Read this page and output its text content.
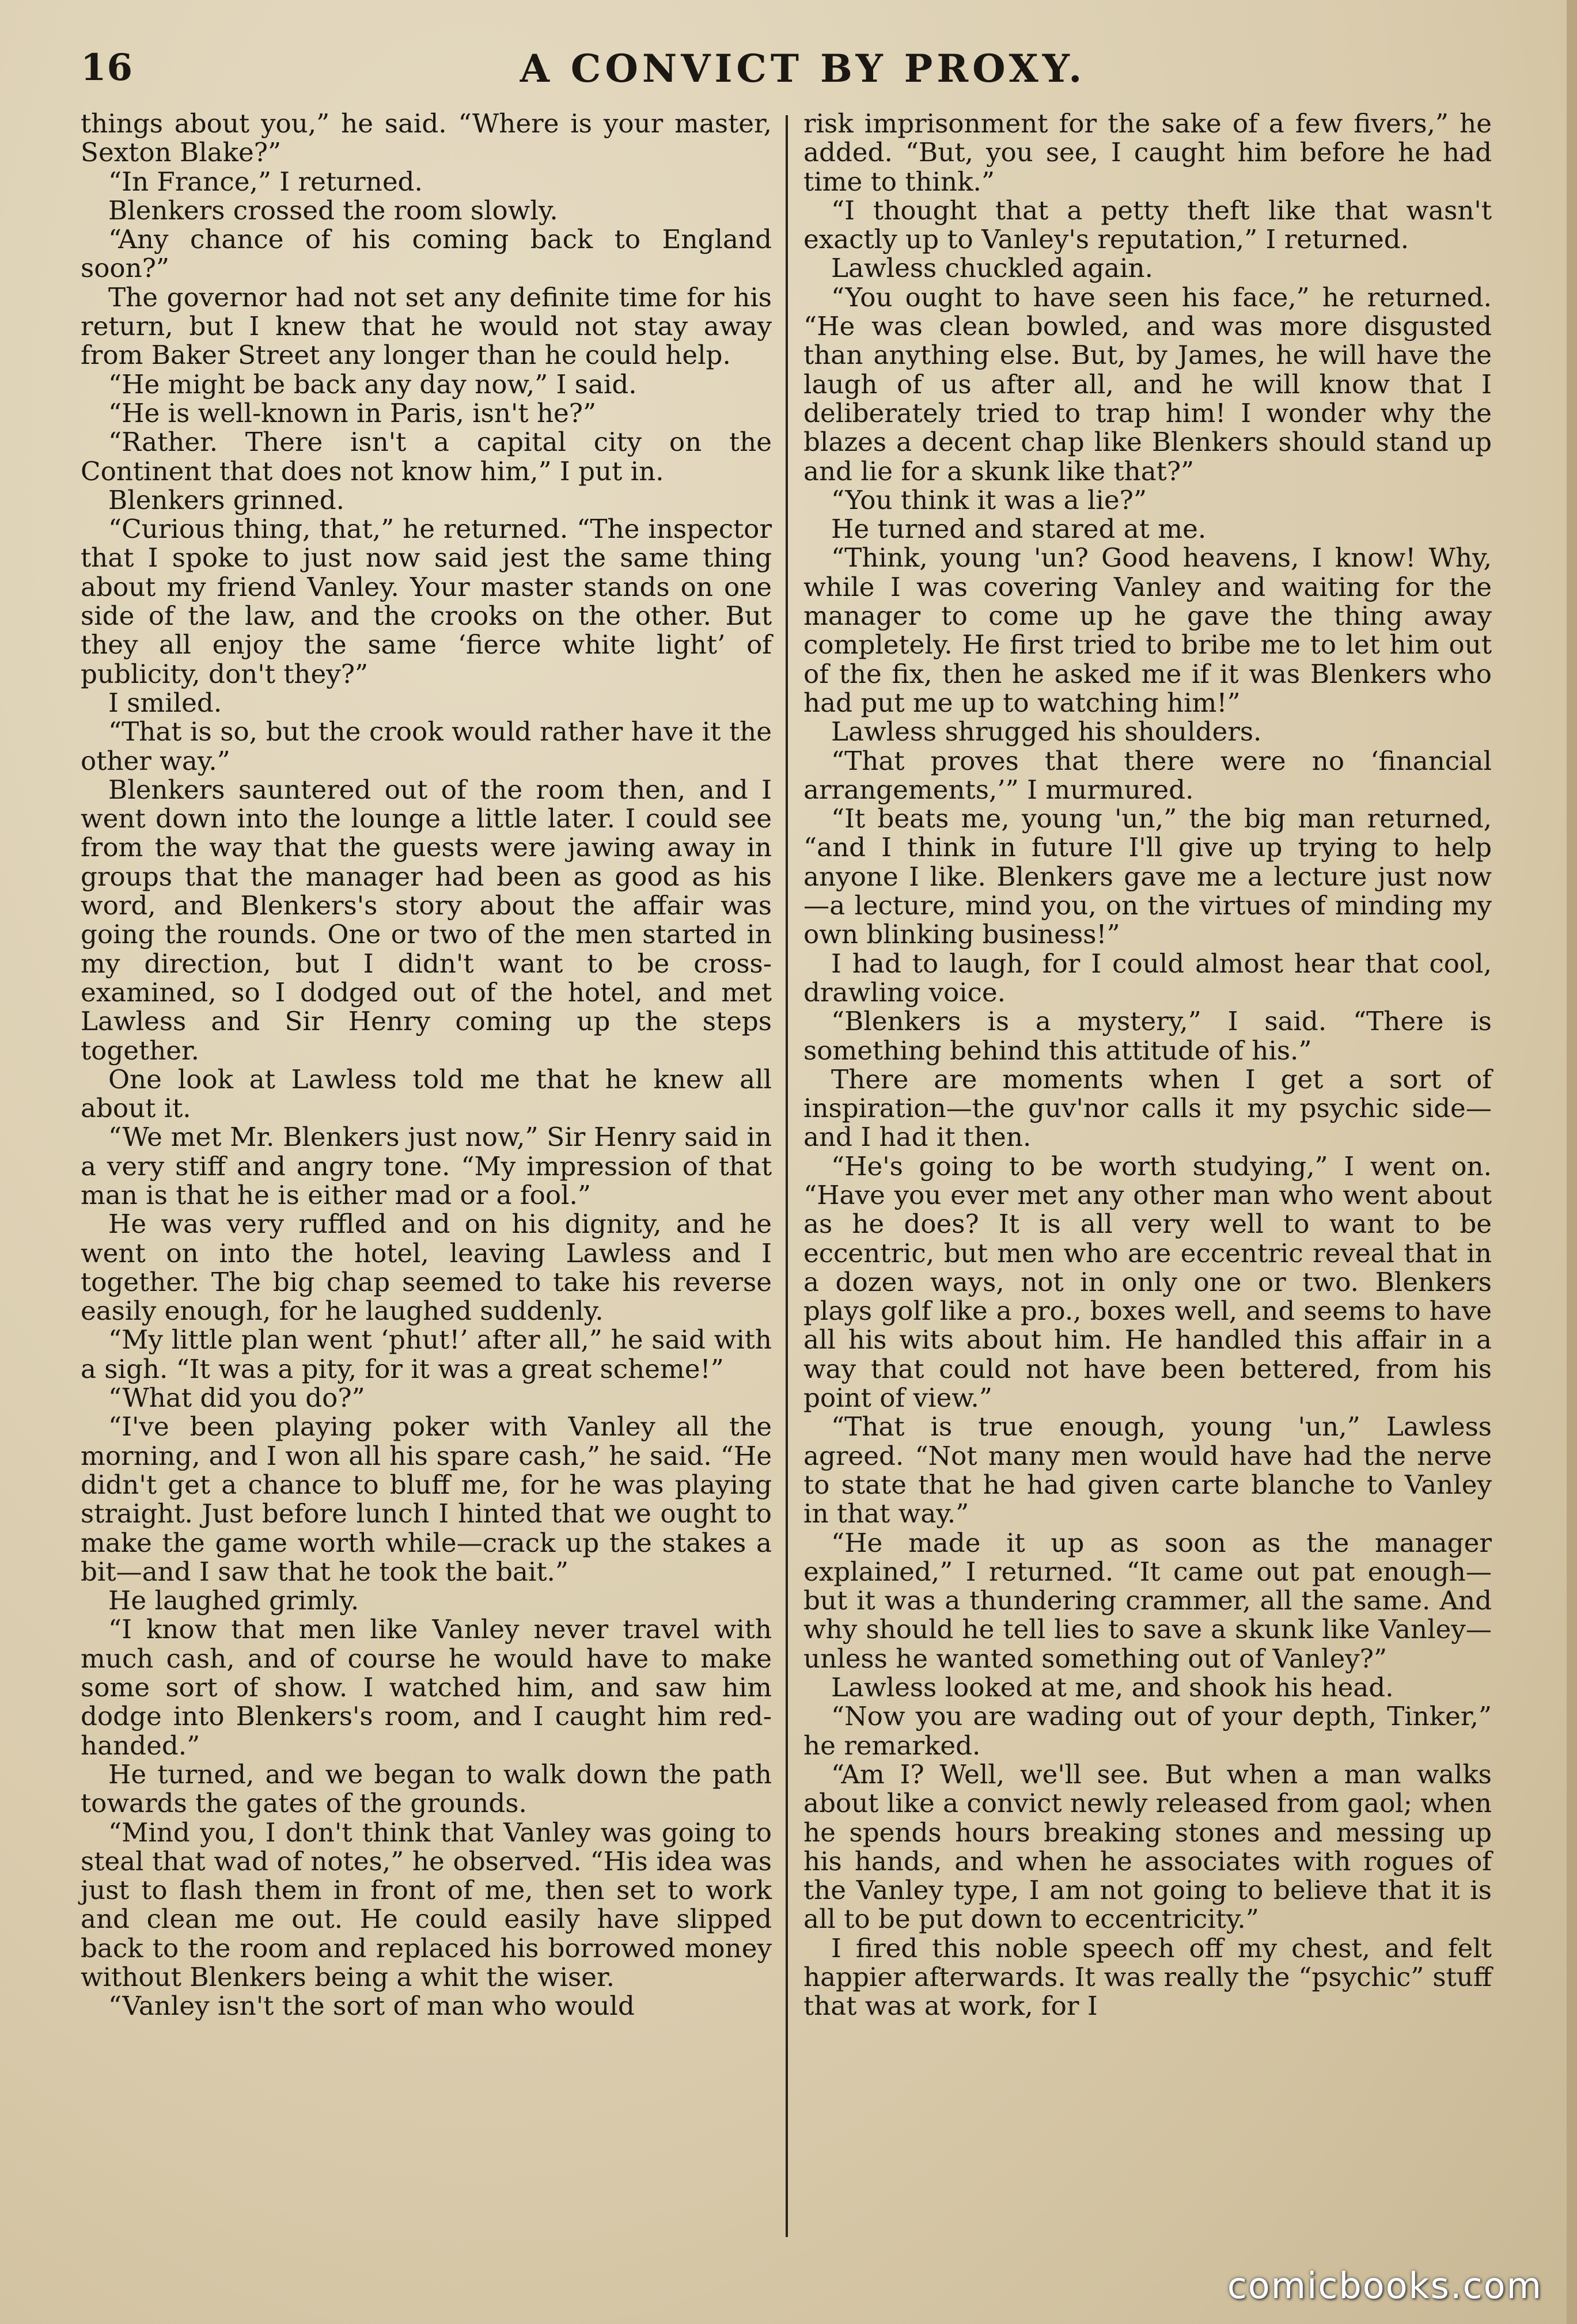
16	A CONVICT BY PROXY.

things about you,” he said. “Where is your master, Sexton Blake?”

“In France,” I returned.

Blenkers crossed the room slowly.

“Any chance of his coming back to England soon?”

The governor had not set any definite time for his return, but I knew that he would not stay away from Baker Street any longer than he could help.

“He might be back any day now,” I said.

“He is well-known in Paris, isn't he?”

“Rather. There isn't a capital city on the Continent that does not know him,” I put in.

Blenkers grinned.

“Curious thing, that,” he returned. “The inspector that I spoke to just now said jest the same thing about my friend Vanley. Your master stands on one side of the law, and the crooks on the other. But they all enjoy the same ‘fierce white light’ of publicity, don't they?”

I smiled.

“That is so, but the crook would rather have it the other way.”

Blenkers sauntered out of the room then, and I went down into the lounge a little later. I could see from the way that the guests were jawing away in groups that the manager had been as good as his word, and Blenkers's story about the affair was going the rounds. One or two of the men started in my direction, but I didn't want to be cross-examined, so I dodged out of the hotel, and met Lawless and Sir Henry coming up the steps together.

One look at Lawless told me that he knew all about it.

“We met Mr. Blenkers just now,” Sir Henry said in a very stiff and angry tone. “My impression of that man is that he is either mad or a fool.”

He was very ruffled and on his dignity, and he went on into the hotel, leaving Lawless and I together. The big chap seemed to take his reverse easily enough, for he laughed suddenly.

“My little plan went ‘phut!’ after all,” he said with a sigh. “It was a pity, for it was a great scheme!”

“What did you do?”

“I've been playing poker with Vanley all the morning, and I won all his spare cash,” he said. “He didn't get a chance to bluff me, for he was playing straight. Just before lunch I hinted that we ought to make the game worth while—crack up the stakes a bit—and I saw that he took the bait.”

He laughed grimly.

“I know that men like Vanley never travel with much cash, and of course he would have to make some sort of show. I watched him, and saw him dodge into Blenkers's room, and I caught him red-handed.”

He turned, and we began to walk down the path towards the gates of the grounds.

“Mind you, I don't think that Vanley was going to steal that wad of notes,” he observed. “His idea was just to flash them in front of me, then set to work and clean me out. He could easily have slipped back to the room and replaced his borrowed money without Blenkers being a whit the wiser.

“Vanley isn't the sort of man who would

risk imprisonment for the sake of a few fivers,” he added. “But, you see, I caught him before he had time to think.”

“I thought that a petty theft like that wasn't exactly up to Vanley's reputation,” I returned.

Lawless chuckled again.

“You ought to have seen his face,” he returned. “He was clean bowled, and was more disgusted than anything else. But, by James, he will have the laugh of us after all, and he will know that I deliberately tried to trap him! I wonder why the blazes a decent chap like Blenkers should stand up and lie for a skunk like that?”

“You think it was a lie?”

He turned and stared at me.

“Think, young 'un? Good heavens, I know! Why, while I was covering Vanley and waiting for the manager to come up he gave the thing away completely. He first tried to bribe me to let him out of the fix, then he asked me if it was Blenkers who had put me up to watching him!”

Lawless shrugged his shoulders.

“That proves that there were no ‘financial arrangements,’” I murmured.

“It beats me, young 'un,” the big man returned, “and I think in future I'll give up trying to help anyone I like. Blenkers gave me a lecture just now—a lecture, mind you, on the virtues of minding my own blinking business!”

I had to laugh, for I could almost hear that cool, drawling voice.

“Blenkers is a mystery,” I said. “There is something behind this attitude of his.”

There are moments when I get a sort of inspiration—the guv'nor calls it my psychic side—and I had it then.

“He's going to be worth studying,” I went on. “Have you ever met any other man who went about as he does? It is all very well to want to be eccentric, but men who are eccentric reveal that in a dozen ways, not in only one or two. Blenkers plays golf like a pro., boxes well, and seems to have all his wits about him. He handled this affair in a way that could not have been bettered, from his point of view.”

“That is true enough, young 'un,” Lawless agreed. “Not many men would have had the nerve to state that he had given carte blanche to Vanley in that way.”

“He made it up as soon as the manager explained,” I returned. “It came out pat enough—but it was a thundering crammer, all the same. And why should he tell lies to save a skunk like Vanley—unless he wanted something out of Vanley?”

Lawless looked at me, and shook his head.

“Now you are wading out of your depth, Tinker,” he remarked.

“Am I? Well, we'll see. But when a man walks about like a convict newly released from gaol; when he spends hours breaking stones and messing up his hands, and when he associates with rogues of the Vanley type, I am not going to believe that it is all to be put down to eccentricity.”

I fired this noble speech off my chest, and felt happier afterwards. It was really the “psychic” stuff that was at work, for I

comicbooks.com
